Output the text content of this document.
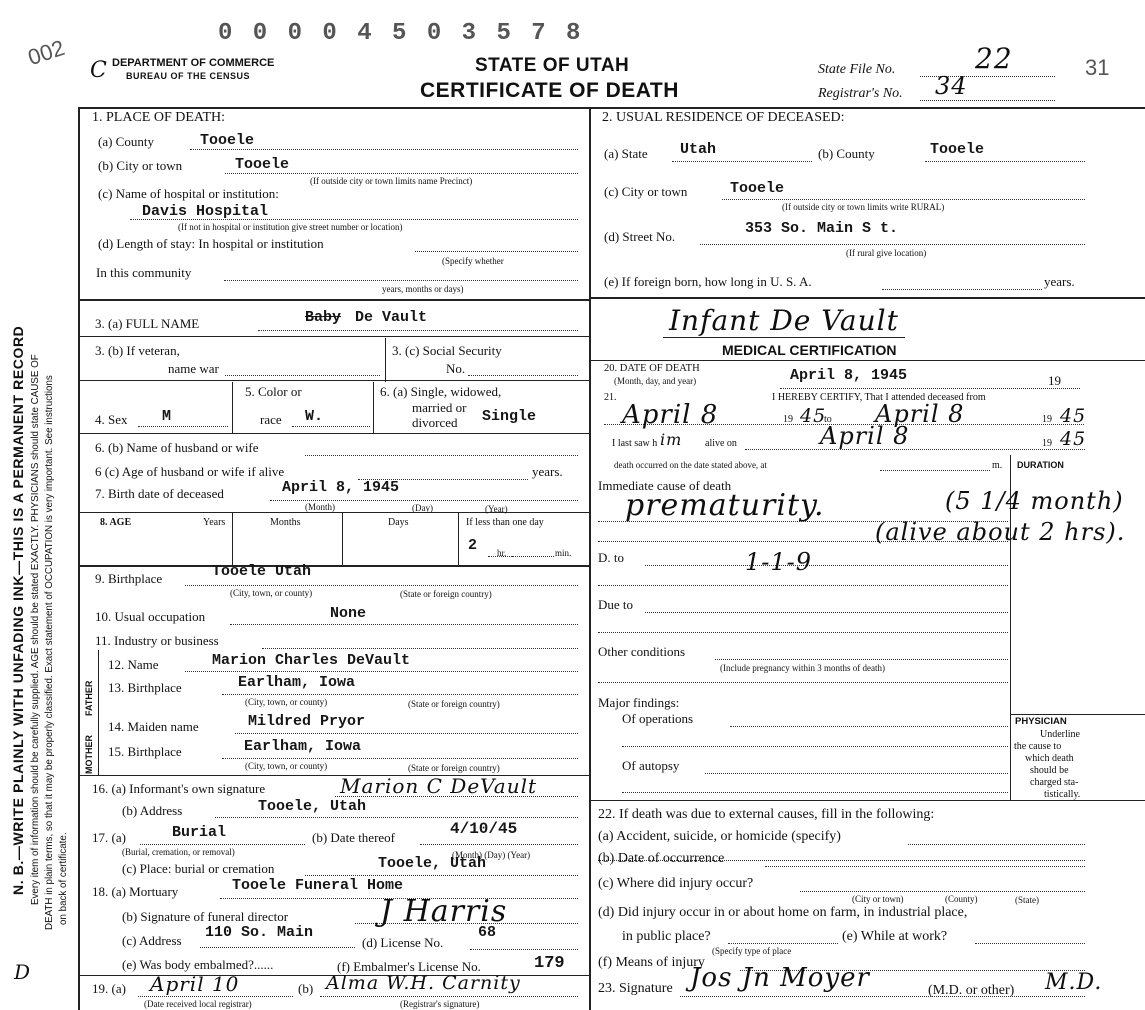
N. B.—WRITE PLAINLY WITH UNFADING INK—THIS IS A PERMANENT RECORD Every item of information should be carefully supplied. AGE should be stated EXACTLY. PHYSICIANS should state CAUSE OF DEATH in plain terms, so that it may be properly classified. Exact statement of OCCUPATION is very important. See instructions on back of certificate.
C
D
002	31
0 0 0 0 4 5 0 3 5 7 8
DEPARTMENT OF COMMERCE
BUREAU OF THE CENSUS	STATE OF UTAH
CERTIFICATE OF DEATH
State File No.	22
Registrar's No. 34
1. PLACE OF DEATH:
(a) County	Tooele
(b) City or town	Tooele
(If outside city or town limits name Precinct)
(c) Name of hospital or institution:
Davis Hospital
(If not in hospital or institution give street number or location)
(d) Length of stay: In hospital or institution
(Specify whether
In this community
years, months or days)
2. USUAL RESIDENCE OF DECEASED:
(a) State Utah	(b) County	Tooele
(c) City or town	Tooele
(If outside city or town limits write RURAL)
(d) Street No.	353 So. Main S t.
(If rural give location)
(e) If foreign born, how long in U. S. A.	years.
3. (a) FULL NAME	Baby De Vault	Infant De Vault
3. (b) If veteran,
name war
3. (c) Social Security
No.
MEDICAL CERTIFICATION
20. DATE OF DEATH
(Month, day, and year)	April 8, 1945	19
21.	I HEREBY CERTIFY, That I attended deceased from
April 8	19 45
to April 8	19 45
I last saw h im alive on	April 8	19 45
death occurred on the date stated above, at	m. DURATION
Immediate cause of death
prematurity.	(5 1/4 month)
(alive about 2 hrs).
D. to	1-1-9
Due to
Other conditions
(Include pregnancy within 3 months of death)
Major findings:
Of operations
Of autopsy
PHYSICIAN
Underline
the cause to
which death
should be
charged sta-
tistically.
4. Sex M
5. Color or
race W.
6. (a) Single, widowed,
married or
divorced Single
6. (b) Name of husband or wife
6 (c) Age of husband or wife if alive	years.
7. Birth date of deceased	April 8, 1945
(Month)	(Day)	(Year)
8. AGE	Years	Months	Days	If less than one day
2 hr.	min.
9. Birthplace	Tooele Utah
(City, town, or county)	(State or foreign country)
10. Usual occupation	None
11. Industry or business
FATHER
MOTHER
12. Name	Marion Charles DeVault
13. Birthplace	Earlham, Iowa
(City, town, or county)	(State or foreign country)
14. Maiden name	Mildred Pryor
15. Birthplace	Earlham, Iowa
(City, town, or county)	(State or foreign country)
16. (a) Informant's own signature	Marion C DeVault
(b) Address	Tooele, Utah
17. (a)	Burial
(Burial, cremation, or removal)
(b) Date thereof	4/10/45
(Month) (Day) (Year)
(c) Place: burial or cremation	Tooele, Utah
18. (a) Mortuary	Tooele Funeral Home
(b) Signature of funeral director	J Harris
(c) Address 110 So. Main
(d) License No.
68
(e) Was body embalmed?......	(f) Embalmer's License No.	179
19. (a) April 10
(Date received local registrar)
(b) Alma W.H. Carnity
(Registrar's signature)
22. If death was due to external causes, fill in the following:
(a) Accident, suicide, or homicide (specify)
(b) Date of occurrence
(c) Where did injury occur?
(City or town)	(County)	(State)
(d) Did injury occur in or about home on farm, in industrial place,
in public place?
(Specify type of place
(e) While at work?
(f) Means of injury
23. Signature Jos Jn Moyer	(M.D. or other) M.D.
